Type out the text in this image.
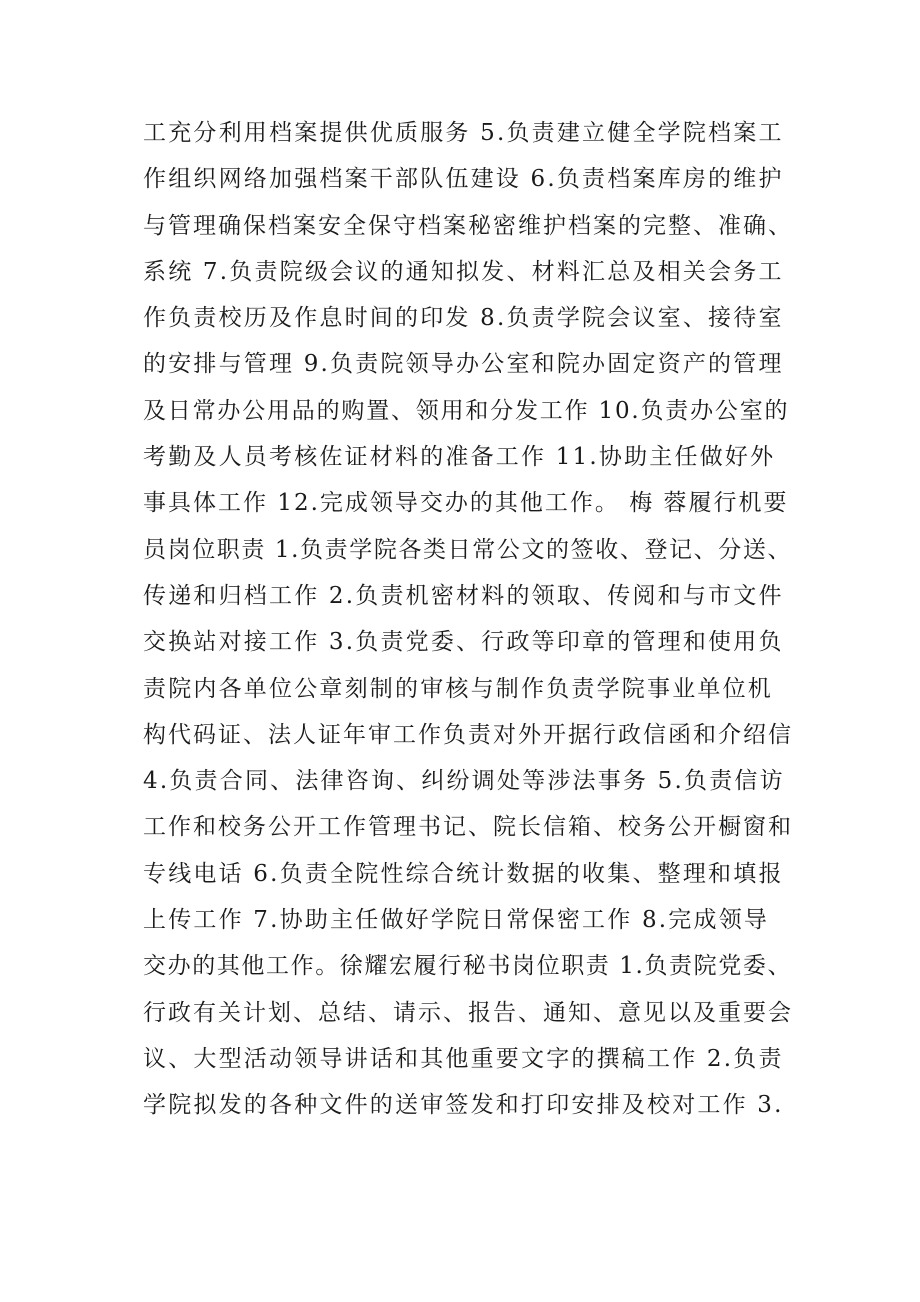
工充分利用档案提供优质服务 5.负责建立健全学院档案工
作组织网络加强档案干部队伍建设 6.负责档案库房的维护
与管理确保档案安全保守档案秘密维护档案的完整、准确、
系统 7.负责院级会议的通知拟发、材料汇总及相关会务工
作负责校历及作息时间的印发 8.负责学院会议室、接待室
的安排与管理 9.负责院领导办公室和院办固定资产的管理
及日常办公用品的购置、领用和分发工作 10.负责办公室的
考勤及人员考核佐证材料的准备工作 11.协助主任做好外
事具体工作 12.完成领导交办的其他工作。 梅 蓉履行机要
员岗位职责 1.负责学院各类日常公文的签收、登记、分送、
传递和归档工作 2.负责机密材料的领取、传阅和与市文件
交换站对接工作 3.负责党委、行政等印章的管理和使用负
责院内各单位公章刻制的审核与制作负责学院事业单位机
构代码证、法人证年审工作负责对外开据行政信函和介绍信
4.负责合同、法律咨询、纠纷调处等涉法事务 5.负责信访
工作和校务公开工作管理书记、院长信箱、校务公开橱窗和
专线电话 6.负责全院性综合统计数据的收集、整理和填报
上传工作 7.协助主任做好学院日常保密工作 8.完成领导
交办的其他工作。徐耀宏履行秘书岗位职责 1.负责院党委、
行政有关计划、总结、请示、报告、通知、意见以及重要会
议、大型活动领导讲话和其他重要文字的撰稿工作 2.负责
学院拟发的各种文件的送审签发和打印安排及校对工作 3.
